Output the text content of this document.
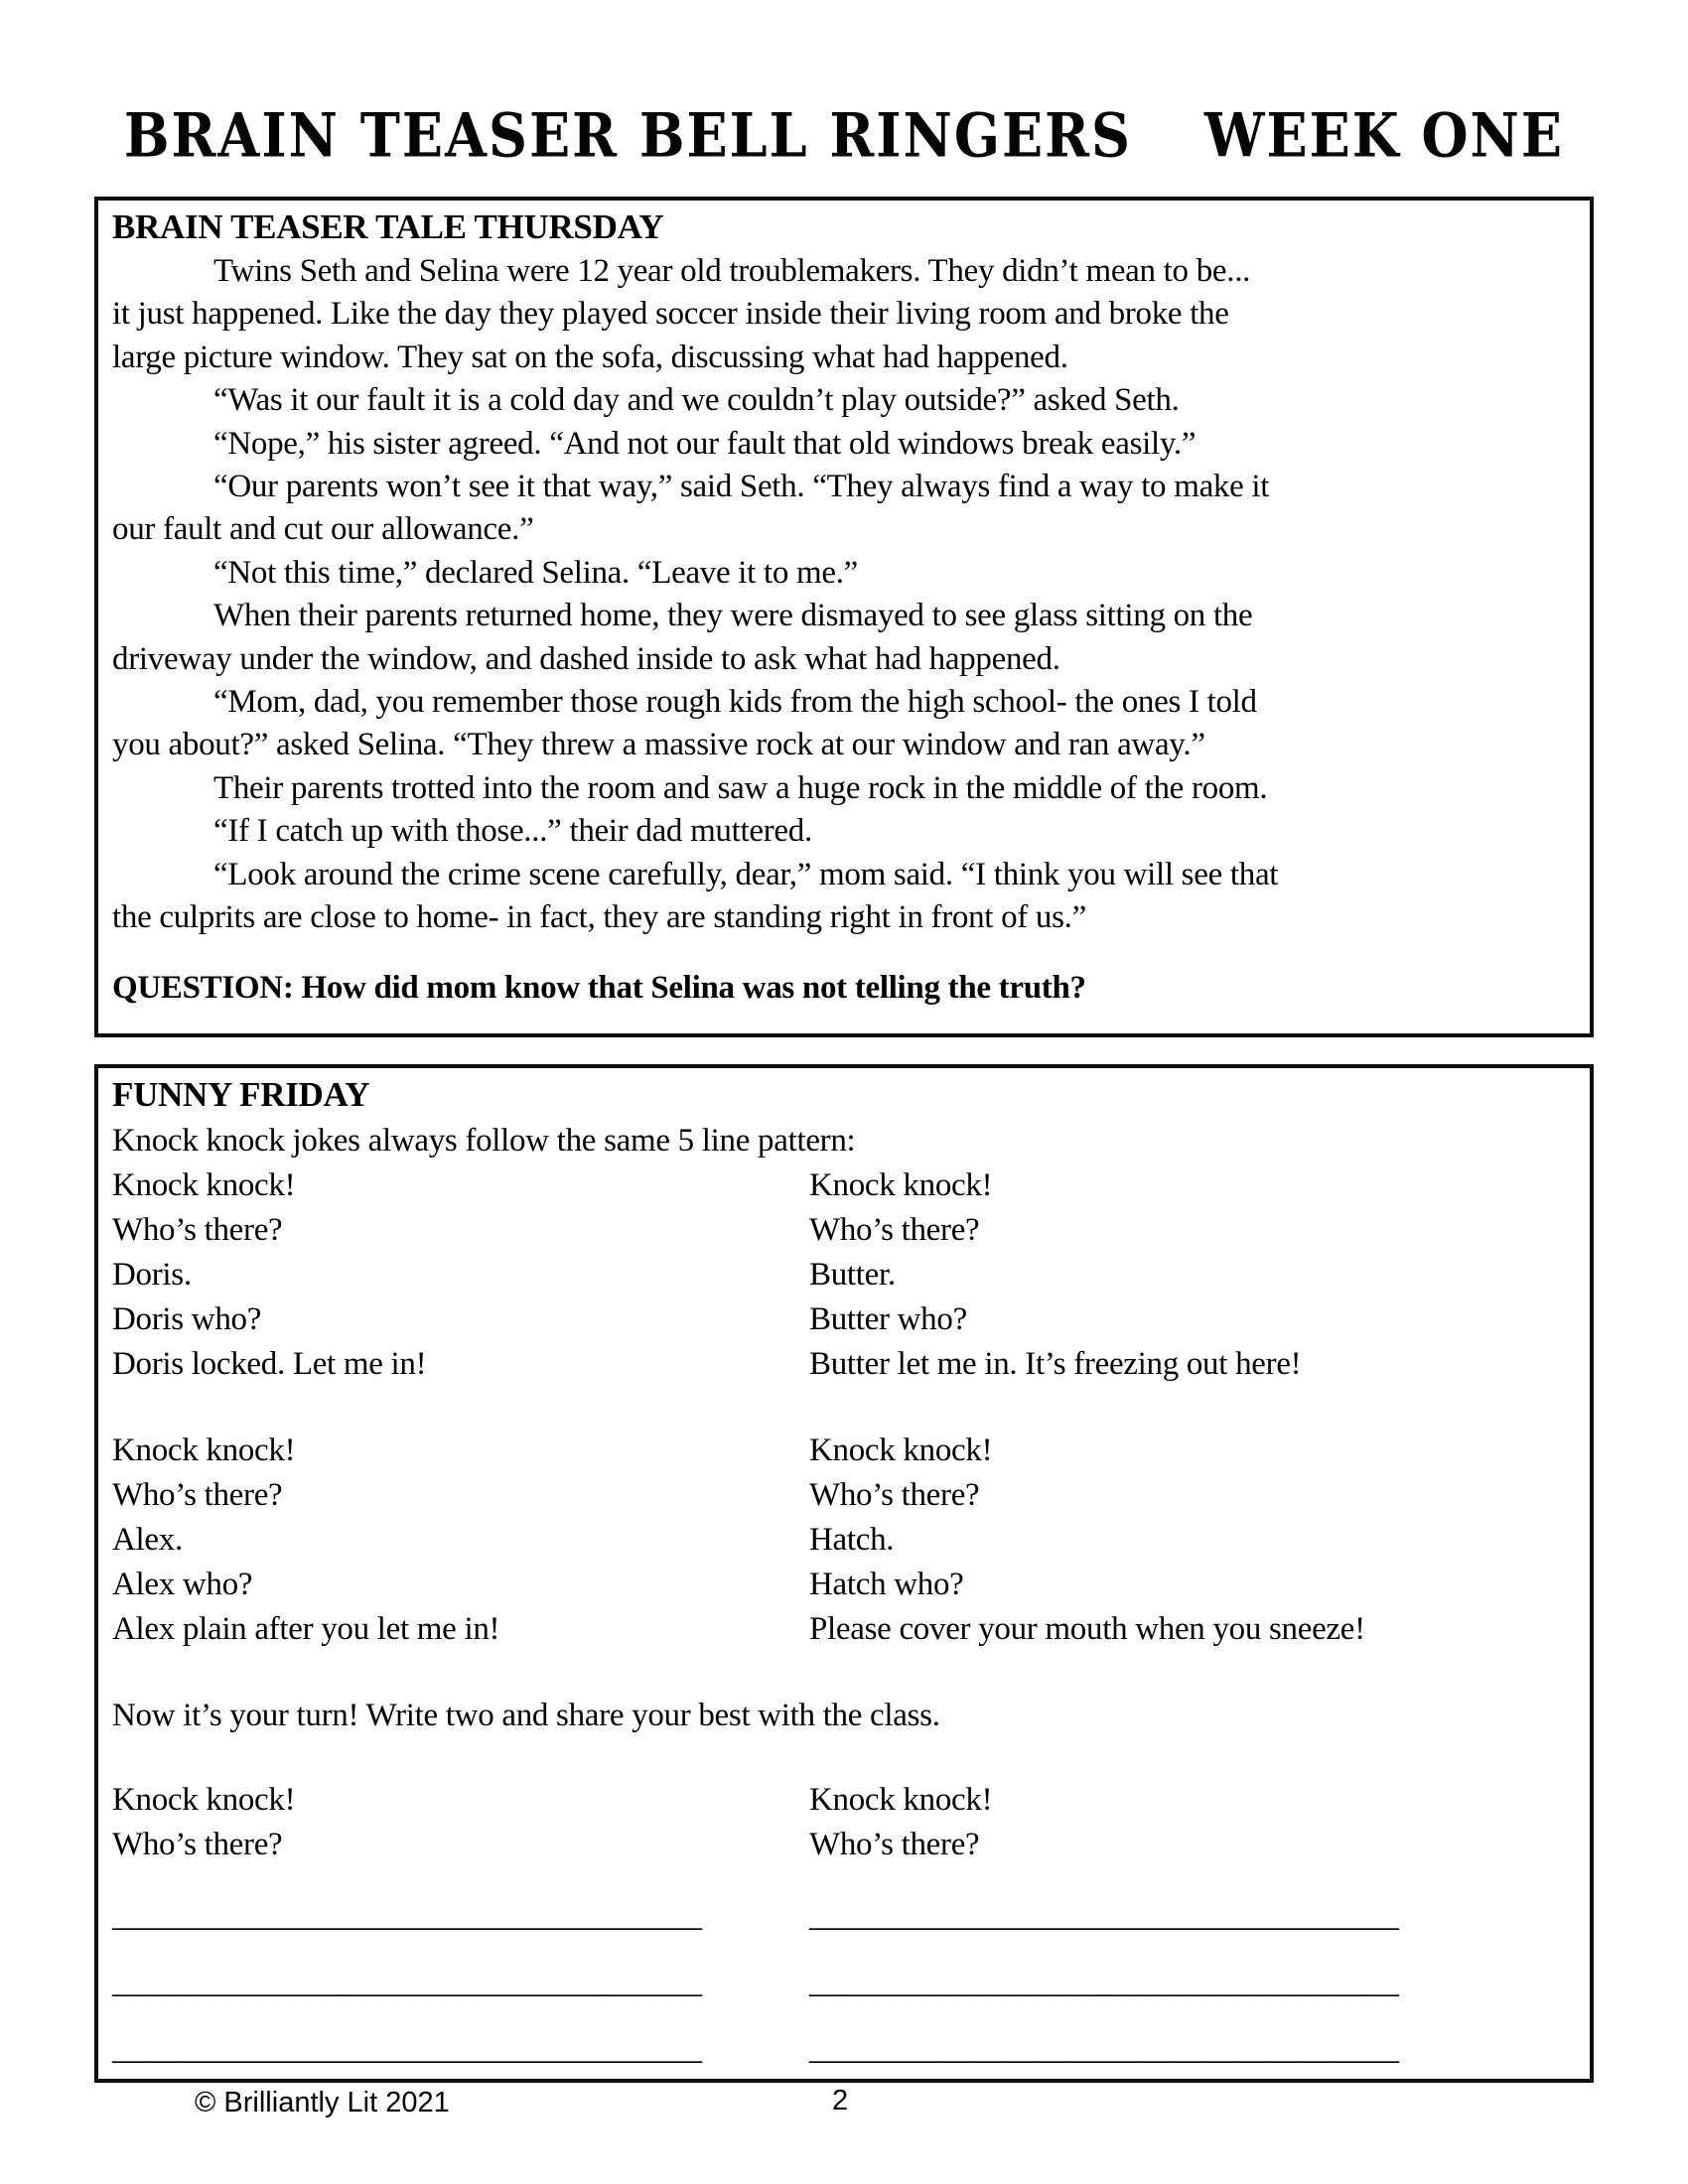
BRAIN TEASER BELL RINGERS WEEK ONE
BRAIN TEASER TALE THURSDAY
Twins Seth and Selina were 12 year old troublemakers. They didn’t mean to be...
it just happened. Like the day they played soccer inside their living room and broke the
large picture window. They sat on the sofa, discussing what had happened.
“Was it our fault it is a cold day and we couldn’t play outside?” asked Seth.
“Nope,” his sister agreed. “And not our fault that old windows break easily.”
“Our parents won’t see it that way,” said Seth. “They always find a way to make it
our fault and cut our allowance.”
“Not this time,” declared Selina. “Leave it to me.”
When their parents returned home, they were dismayed to see glass sitting on the
driveway under the window, and dashed inside to ask what had happened.
“Mom, dad, you remember those rough kids from the high school- the ones I told
you about?” asked Selina. “They threw a massive rock at our window and ran away.”
Their parents trotted into the room and saw a huge rock in the middle of the room.
“If I catch up with those...” their dad muttered.
“Look around the crime scene carefully, dear,” mom said. “I think you will see that
the culprits are close to home- in fact, they are standing right in front of us.”
QUESTION: How did mom know that Selina was not telling the truth?
FUNNY FRIDAY
Knock knock jokes always follow the same 5 line pattern:
Knock knock!
Who’s there?
Doris.
Doris who?
Doris locked. Let me in!
Knock knock!
Who’s there?
Butter.
Butter who?
Butter let me in. It’s freezing out here!
Knock knock!
Who’s there?
Alex.
Alex who?
Alex plain after you let me in!
Knock knock!
Who’s there?
Hatch.
Hatch who?
Please cover your mouth when you sneeze!
Now it’s your turn! Write two and share your best with the class.
Knock knock!
Who’s there?
Knock knock!
Who’s there?
____________________________________
____________________________________
____________________________________
____________________________________
____________________________________
____________________________________
© Brilliantly Lit 2021	2
